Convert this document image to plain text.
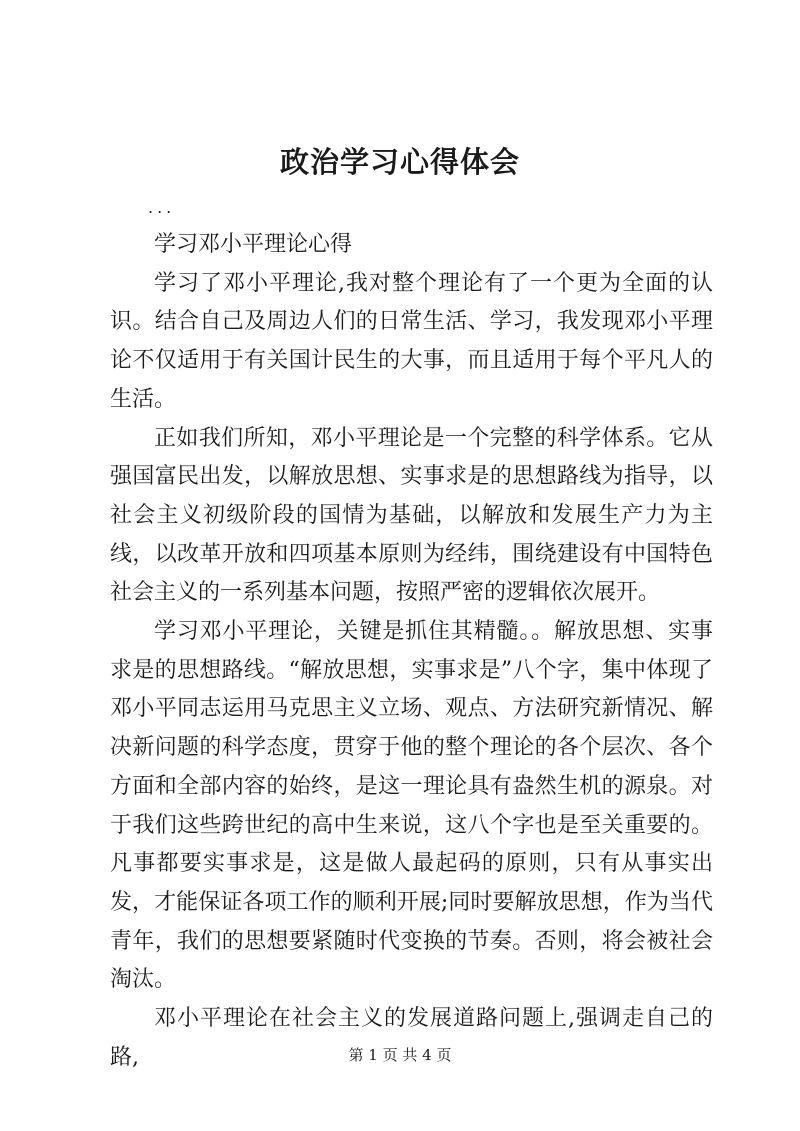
政治学习心得体会
...

学习邓小平理论心得

学习了邓小平理论,我对整个理论有了一个更为全面的认识。结合自己及周边人们的日常生活、学习，我发现邓小平理论不仅适用于有关国计民生的大事，而且适用于每个平凡人的生活。

正如我们所知，邓小平理论是一个完整的科学体系。它从强国富民出发，以解放思想、实事求是的思想路线为指导，以社会主义初级阶段的国情为基础，以解放和发展生产力为主线，以改革开放和四项基本原则为经纬，围绕建设有中国特色社会主义的一系列基本问题，按照严密的逻辑依次展开。

学习邓小平理论，关键是抓住其精髓。。解放思想、实事求是的思想路线。“解放思想，实事求是”八个字，集中体现了邓小平同志运用马克思主义立场、观点、方法研究新情况、解决新问题的科学态度，贯穿于他的整个理论的各个层次、各个方面和全部内容的始终，是这一理论具有盎然生机的源泉。对于我们这些跨世纪的高中生来说，这八个字也是至关重要的。凡事都要实事求是，这是做人最起码的原则，只有从事实出发，才能保证各项工作的顺利开展;同时要解放思想，作为当代青年，我们的思想要紧随时代变换的节奏。否则，将会被社会淘汰。

邓小平理论在社会主义的发展道路问题上,强调走自己的路,	第 1 页 共 4 页
